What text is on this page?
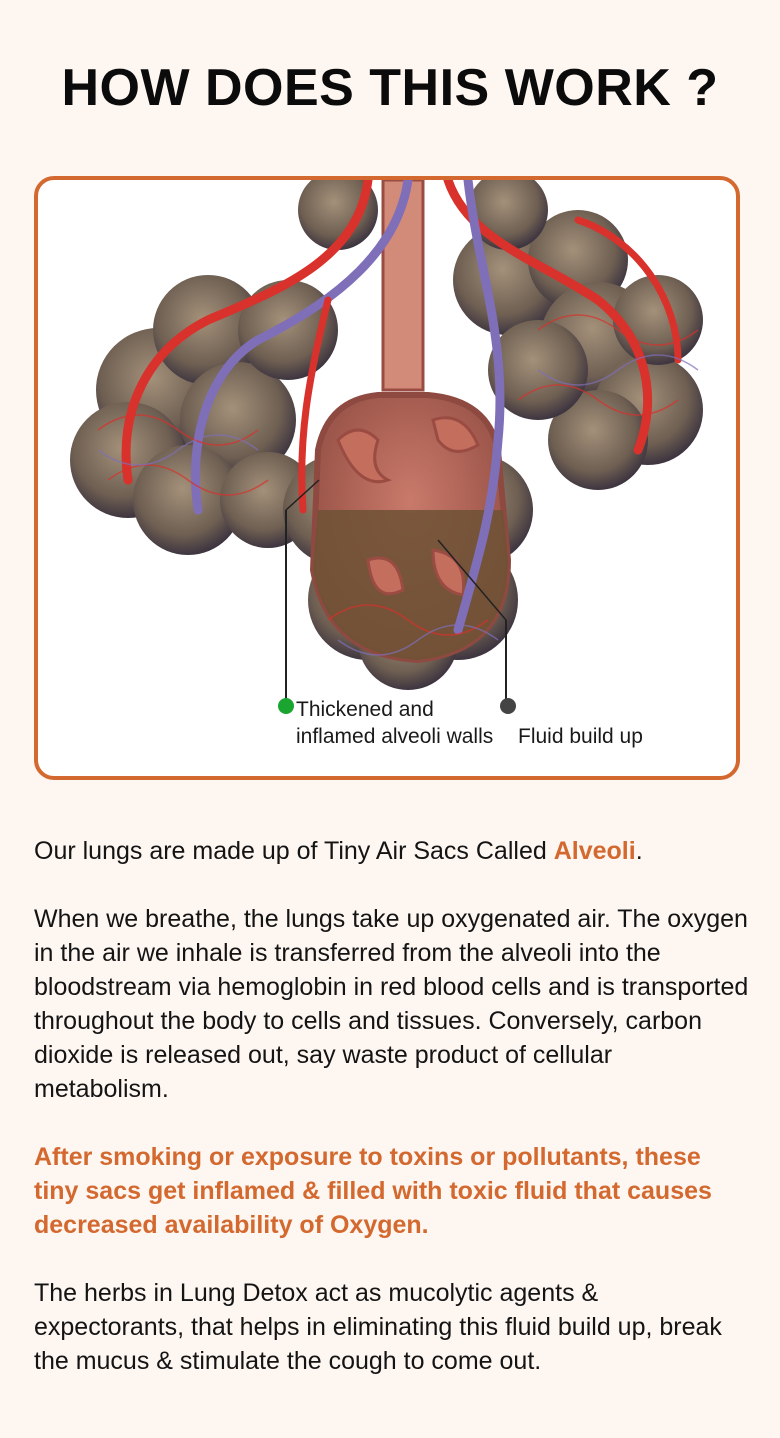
HOW DOES THIS WORK ?
Thickened and inflamed alveoli walls Fluid build up
Our lungs are made up of Tiny Air Sacs Called Alveoli.
When we breathe, the lungs take up oxygenated air. The oxygen in the air we inhale is transferred from the alveoli into the bloodstream via hemoglobin in red blood cells and is transported throughout the body to cells and tissues. Conversely, carbon dioxide is released out, say waste product of cellular metabolism.
After smoking or exposure to toxins or pollutants, these tiny sacs get inflamed & filled with toxic fluid that causes decreased availability of Oxygen.
The herbs in Lung Detox act as mucolytic agents & expectorants, that helps in eliminating this fluid build up, break the mucus & stimulate the cough to come out.
